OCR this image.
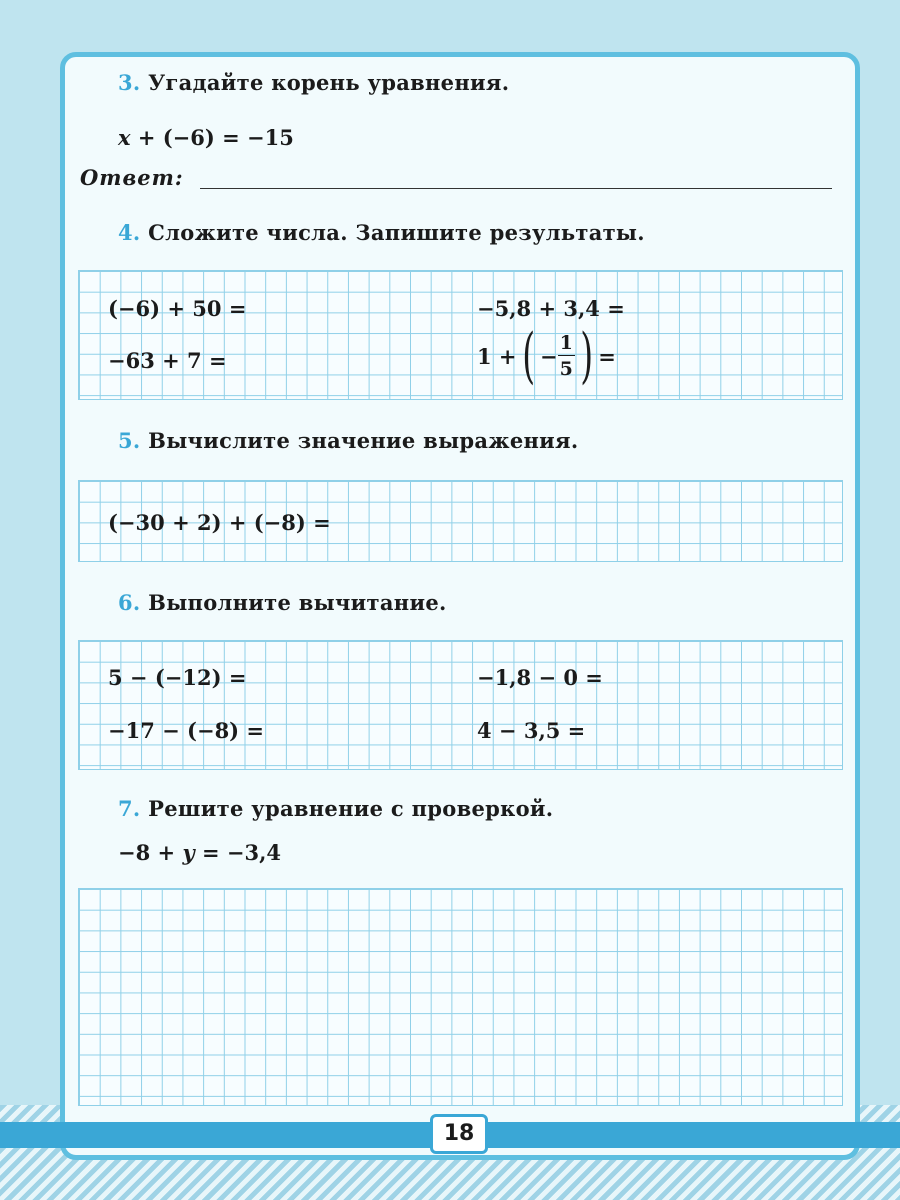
3. Угадайте корень уравнения.
x + (−6) = −15
Ответ:
4. Сложите числа. Запишите результаты.
(−6) + 50 =
−63 + 7 =
−5,8 + 3,4 =
1 + ( − $\frac{1}{5}$ ) =
5. Вычислите значение выражения.
(−30 + 2) + (−8) =
6. Выполните вычитание.
5 − (−12) =
−17 − (−8) =
−1,8 − 0 =
4 − 3,5 =
7. Решите уравнение с проверкой.
−8 + y = −3,4
18
